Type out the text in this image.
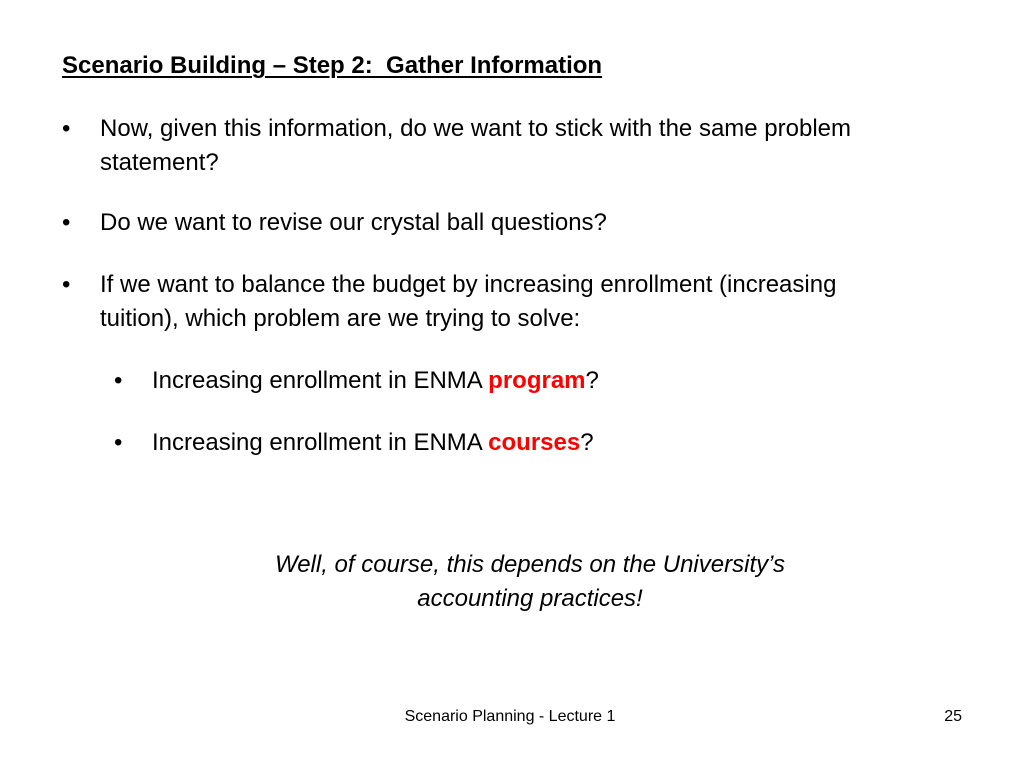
Scenario Building – Step 2:  Gather Information
• Now, given this information, do we want to stick with the same problem statement?
• Do we want to revise our crystal ball questions?
• If we want to balance the budget by increasing enrollment (increasing tuition), which problem are we trying to solve:
• Increasing enrollment in ENMA program?
• Increasing enrollment in ENMA courses?
Well, of course, this depends on the University’s accounting practices!
Scenario Planning - Lecture 1	25
